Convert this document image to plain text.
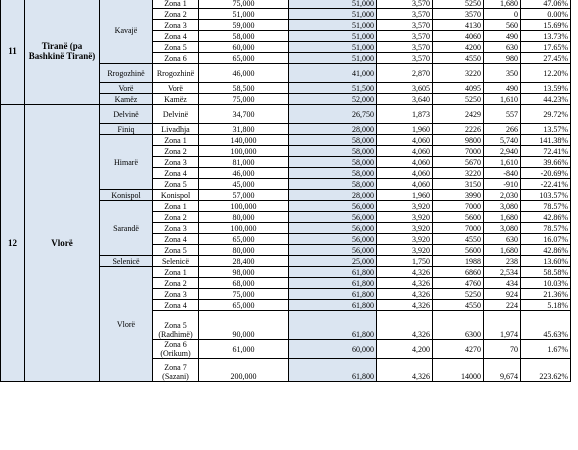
11	Tiranë (pa Bashkinë Tiranë)	Kavajë	Zona 1	75,000	51,000	3,570	5250	1,680	47.06%
			Zona 2	51,000	51,000	3,570	3570	0	0.00%
			Zona 3	59,000	51,000	3,570	4130	560	15.69%
			Zona 4	58,000	51,000	3,570	4060	490	13.73%
			Zona 5	60,000	51,000	3,570	4200	630	17.65%
			Zona 6	65,000	51,000	3,570	4550	980	27.45%
		Rrogozhinë	Rrogozhinë	46,000	41,000	2,870	3220	350	12.20%
		Vorë	Vorë	58,500	51,500	3,605	4095	490	13.59%
		Kamëz	Kamëz	75,000	52,000	3,640	5250	1,610	44.23%
12	Vlorë	Delvinë	Delvinë	34,700	26,750	1,873	2429	557	29.72%
		Finiq	Livadhja	31,800	28,000	1,960	2226	266	13.57%
		Himarë	Zona 1	140,000	58,000	4,060	9800	5,740	141.38%
			Zona 2	100,000	58,000	4,060	7000	2,940	72.41%
			Zona 3	81,000	58,000	4,060	5670	1,610	39.66%
			Zona 4	46,000	58,000	4,060	3220	-840	-20.69%
			Zona 5	45,000	58,000	4,060	3150	-910	-22.41%
		Konispol	Konispol	57,000	28,000	1,960	3990	2,030	103.57%
		Sarandë	Zona 1	100,000	56,000	3,920	7000	3,080	78.57%
			Zona 2	80,000	56,000	3,920	5600	1,680	42.86%
			Zona 3	100,000	56,000	3,920	7000	3,080	78.57%
			Zona 4	65,000	56,000	3,920	4550	630	16.07%
			Zona 5	80,000	56,000	3,920	5600	1,680	42.86%
		Selenicë	Selenicë	28,400	25,000	1,750	1988	238	13.60%
		Vlorë	Zona 1	98,000	61,800	4,326	6860	2,534	58.58%
			Zona 2	68,000	61,800	4,326	4760	434	10.03%
			Zona 3	75,000	61,800	4,326	5250	924	21.36%
			Zona 4	65,000	61,800	4,326	4550	224	5.18%
			Zona 5 (Radhimë)	90,000	61,800	4,326	6300	1,974	45.63%
			Zona 6 (Orikum)	61,000	60,000	4,200	4270	70	1.67%
			Zona 7 (Sazani)	200,000	61,800	4,326	14000	9,674	223.62%
